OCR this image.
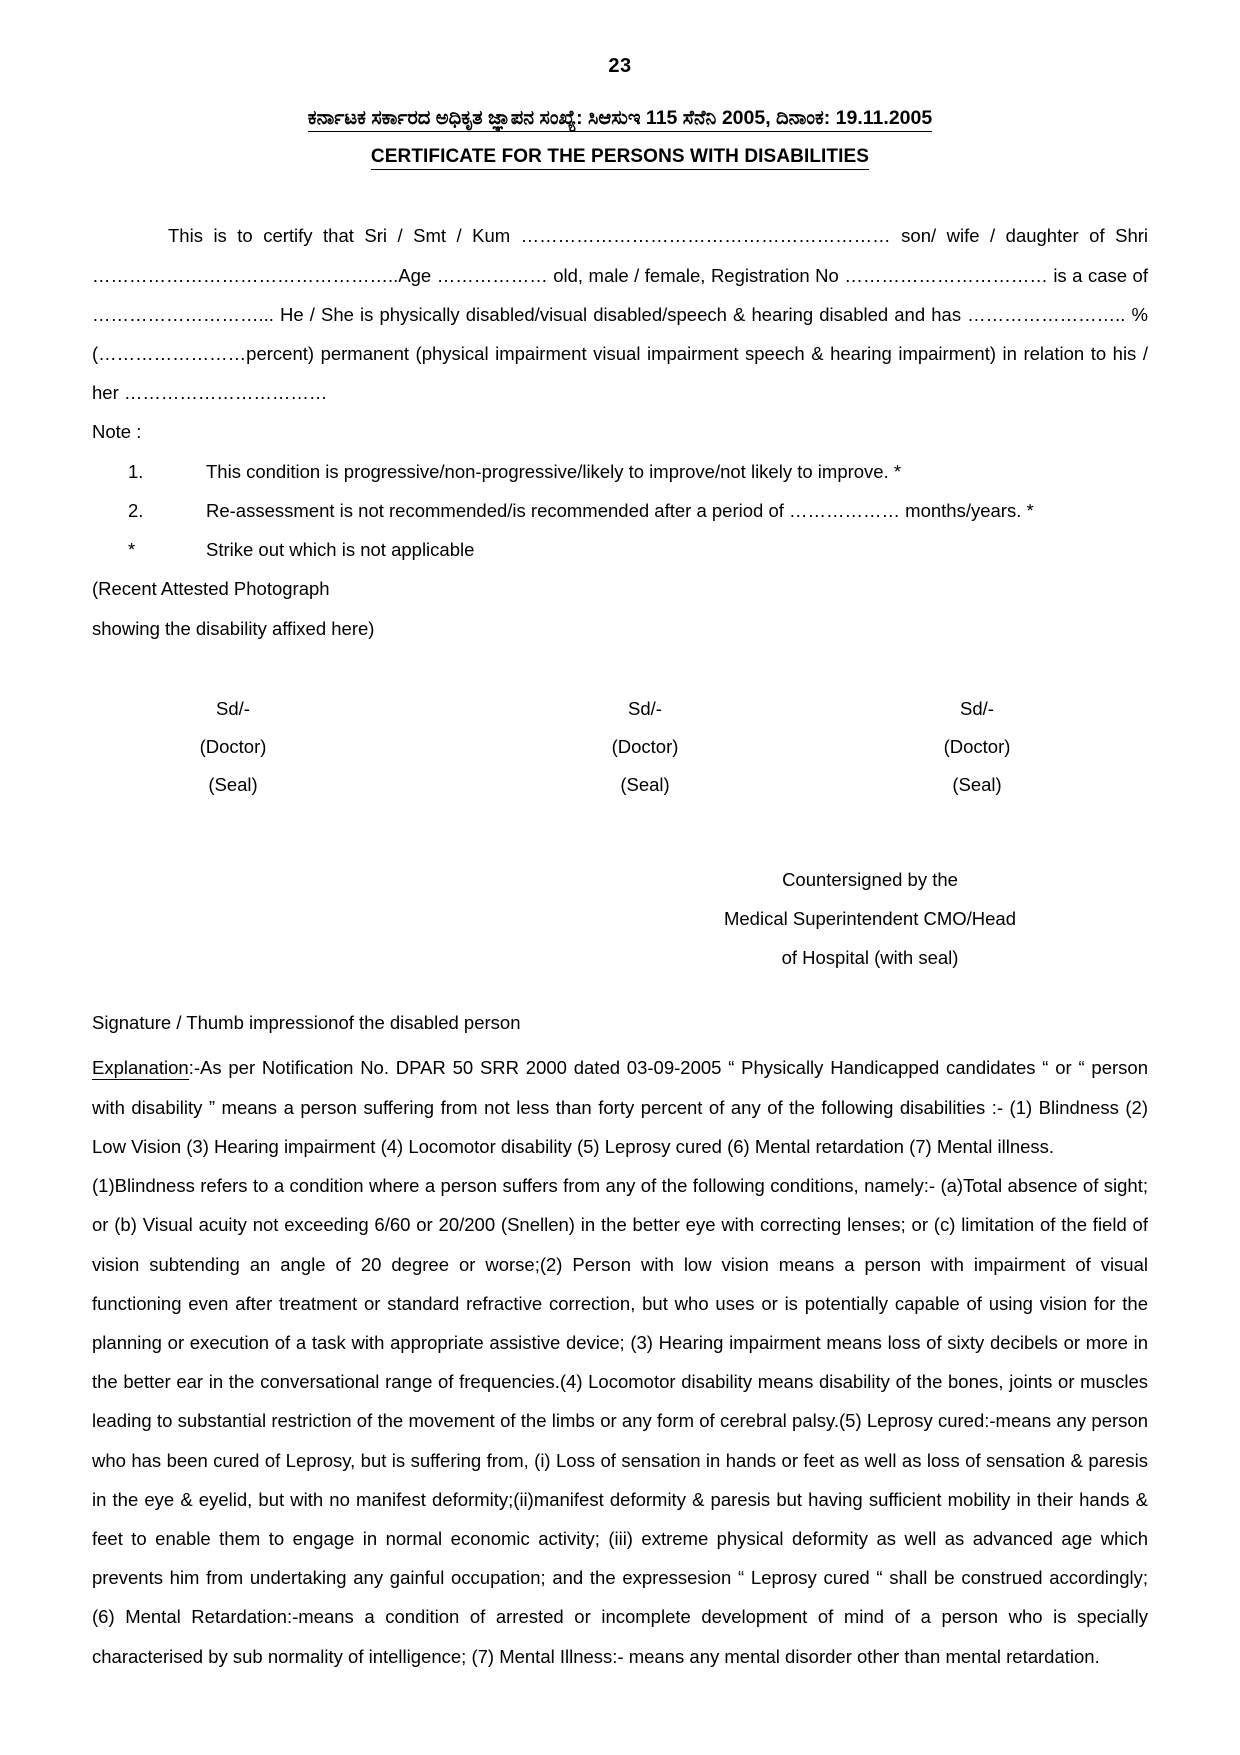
23
ಕರ್ನಾಟಕ ಸರ್ಕಾರದ ಅಧಿಕೃತ ಜ್ಞಾಪನ ಸಂಖ್ಯೆ: ಸಿಆಸುಇ 115 ಸೆನೆನಿ 2005, ದಿನಾಂಕ: 19.11.2005
CERTIFICATE FOR THE PERSONS WITH DISABILITIES

This is to certify that Sri / Smt / Kum …………………………………………………… son/ wife / daughter of Shri …………………………………………..Age ……………… old, male / female, Registration No …………………………… is a case of ………………………... He / She is physically disabled/visual disabled/speech & hearing disabled and has …………………….. % (……………………percent) permanent (physical impairment visual impairment speech & hearing impairment) in relation to his / her ……………………………

Note :

1.	This condition is progressive/non-progressive/likely to improve/not likely to improve. *
2.	Re-assessment is not recommended/is recommended after a period of ……………… months/years. *
*	Strike out which is not applicable

(Recent Attested Photograph

showing the disability affixed here)

Sd/-
(Doctor)
(Seal)
Sd/-
(Doctor)
(Seal)
Sd/-
(Doctor)
(Seal)
Countersigned by the
Medical Superintendent CMO/Head
of Hospital (with seal)
Signature / Thumb impressionof the disabled person

Explanation:-As per Notification No. DPAR 50 SRR 2000 dated 03-09-2005 “ Physically Handicapped candidates “ or “ person with disability ” means a person suffering from not less than forty percent of any of the following disabilities :- (1) Blindness (2) Low Vision (3) Hearing impairment (4) Locomotor disability (5) Leprosy cured (6) Mental retardation (7) Mental illness.

(1)Blindness refers to a condition where a person suffers from any of the following conditions, namely:- (a)Total absence of sight; or (b) Visual acuity not exceeding 6/60 or 20/200 (Snellen) in the better eye with correcting lenses; or (c) limitation of the field of vision subtending an angle of 20 degree or worse;(2) Person with low vision means a person with impairment of visual functioning even after treatment or standard refractive correction, but who uses or is potentially capable of using vision for the planning or execution of a task with appropriate assistive device; (3) Hearing impairment means loss of sixty decibels or more in the better ear in the conversational range of frequencies.(4) Locomotor disability means disability of the bones, joints or muscles leading to substantial restriction of the movement of the limbs or any form of cerebral palsy.(5) Leprosy cured:-means any person who has been cured of Leprosy, but is suffering from, (i) Loss of sensation in hands or feet as well as loss of sensation & paresis in the eye & eyelid, but with no manifest deformity;(ii)manifest deformity & paresis but having sufficient mobility in their hands & feet to enable them to engage in normal economic activity; (iii) extreme physical deformity as well as advanced age which prevents him from undertaking any gainful occupation; and the expressesion “ Leprosy cured “ shall be construed accordingly; (6) Mental Retardation:-means a condition of arrested or incomplete development of mind of a person who is specially characterised by sub normality of intelligence; (7) Mental Illness:- means any mental disorder other than mental retardation.
